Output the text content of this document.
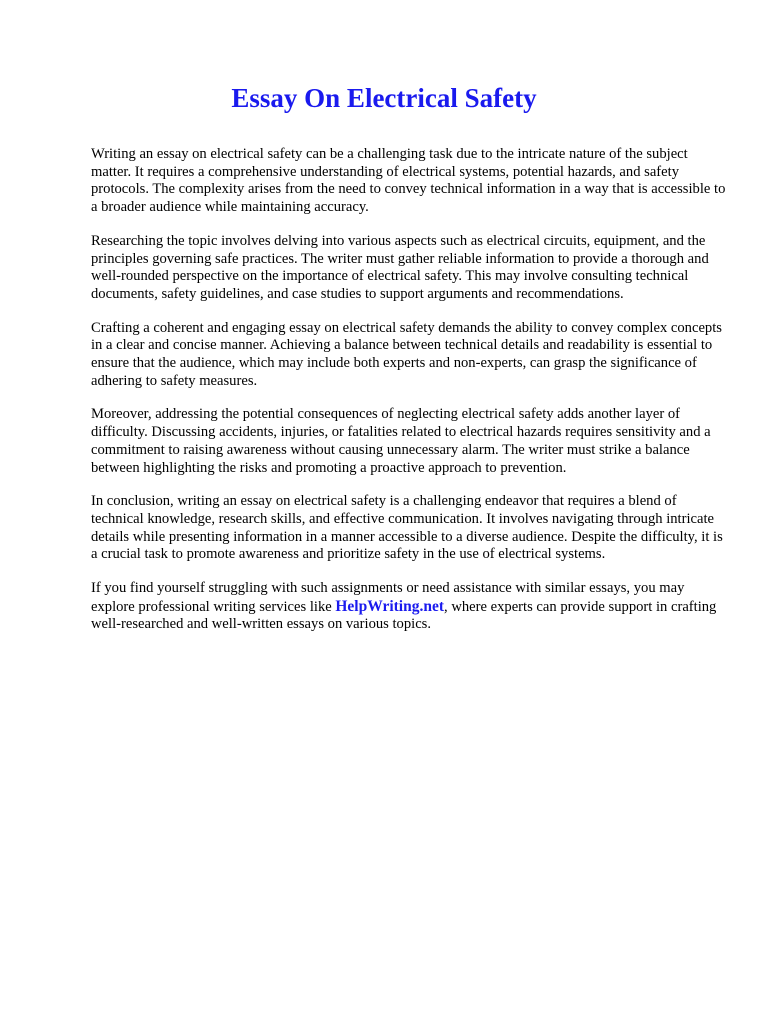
Essay On Electrical Safety

Writing an essay on electrical safety can be a challenging task due to the intricate nature of the subject matter. It requires a comprehensive understanding of electrical systems, potential hazards, and safety protocols. The complexity arises from the need to convey technical information in a way that is accessible to a broader audience while maintaining accuracy.

Researching the topic involves delving into various aspects such as electrical circuits, equipment, and the principles governing safe practices. The writer must gather reliable information to provide a thorough and well-rounded perspective on the importance of electrical safety. This may involve consulting technical documents, safety guidelines, and case studies to support arguments and recommendations.

Crafting a coherent and engaging essay on electrical safety demands the ability to convey complex concepts in a clear and concise manner. Achieving a balance between technical details and readability is essential to ensure that the audience, which may include both experts and non-experts, can grasp the significance of adhering to safety measures.

Moreover, addressing the potential consequences of neglecting electrical safety adds another layer of difficulty. Discussing accidents, injuries, or fatalities related to electrical hazards requires sensitivity and a commitment to raising awareness without causing unnecessary alarm. The writer must strike a balance between highlighting the risks and promoting a proactive approach to prevention.

In conclusion, writing an essay on electrical safety is a challenging endeavor that requires a blend of technical knowledge, research skills, and effective communication. It involves navigating through intricate details while presenting information in a manner accessible to a diverse audience. Despite the difficulty, it is a crucial task to promote awareness and prioritize safety in the use of electrical systems.

If you find yourself struggling with such assignments or need assistance with similar essays, you may explore professional writing services like HelpWriting.net, where experts can provide support in crafting well-researched and well-written essays on various topics.
